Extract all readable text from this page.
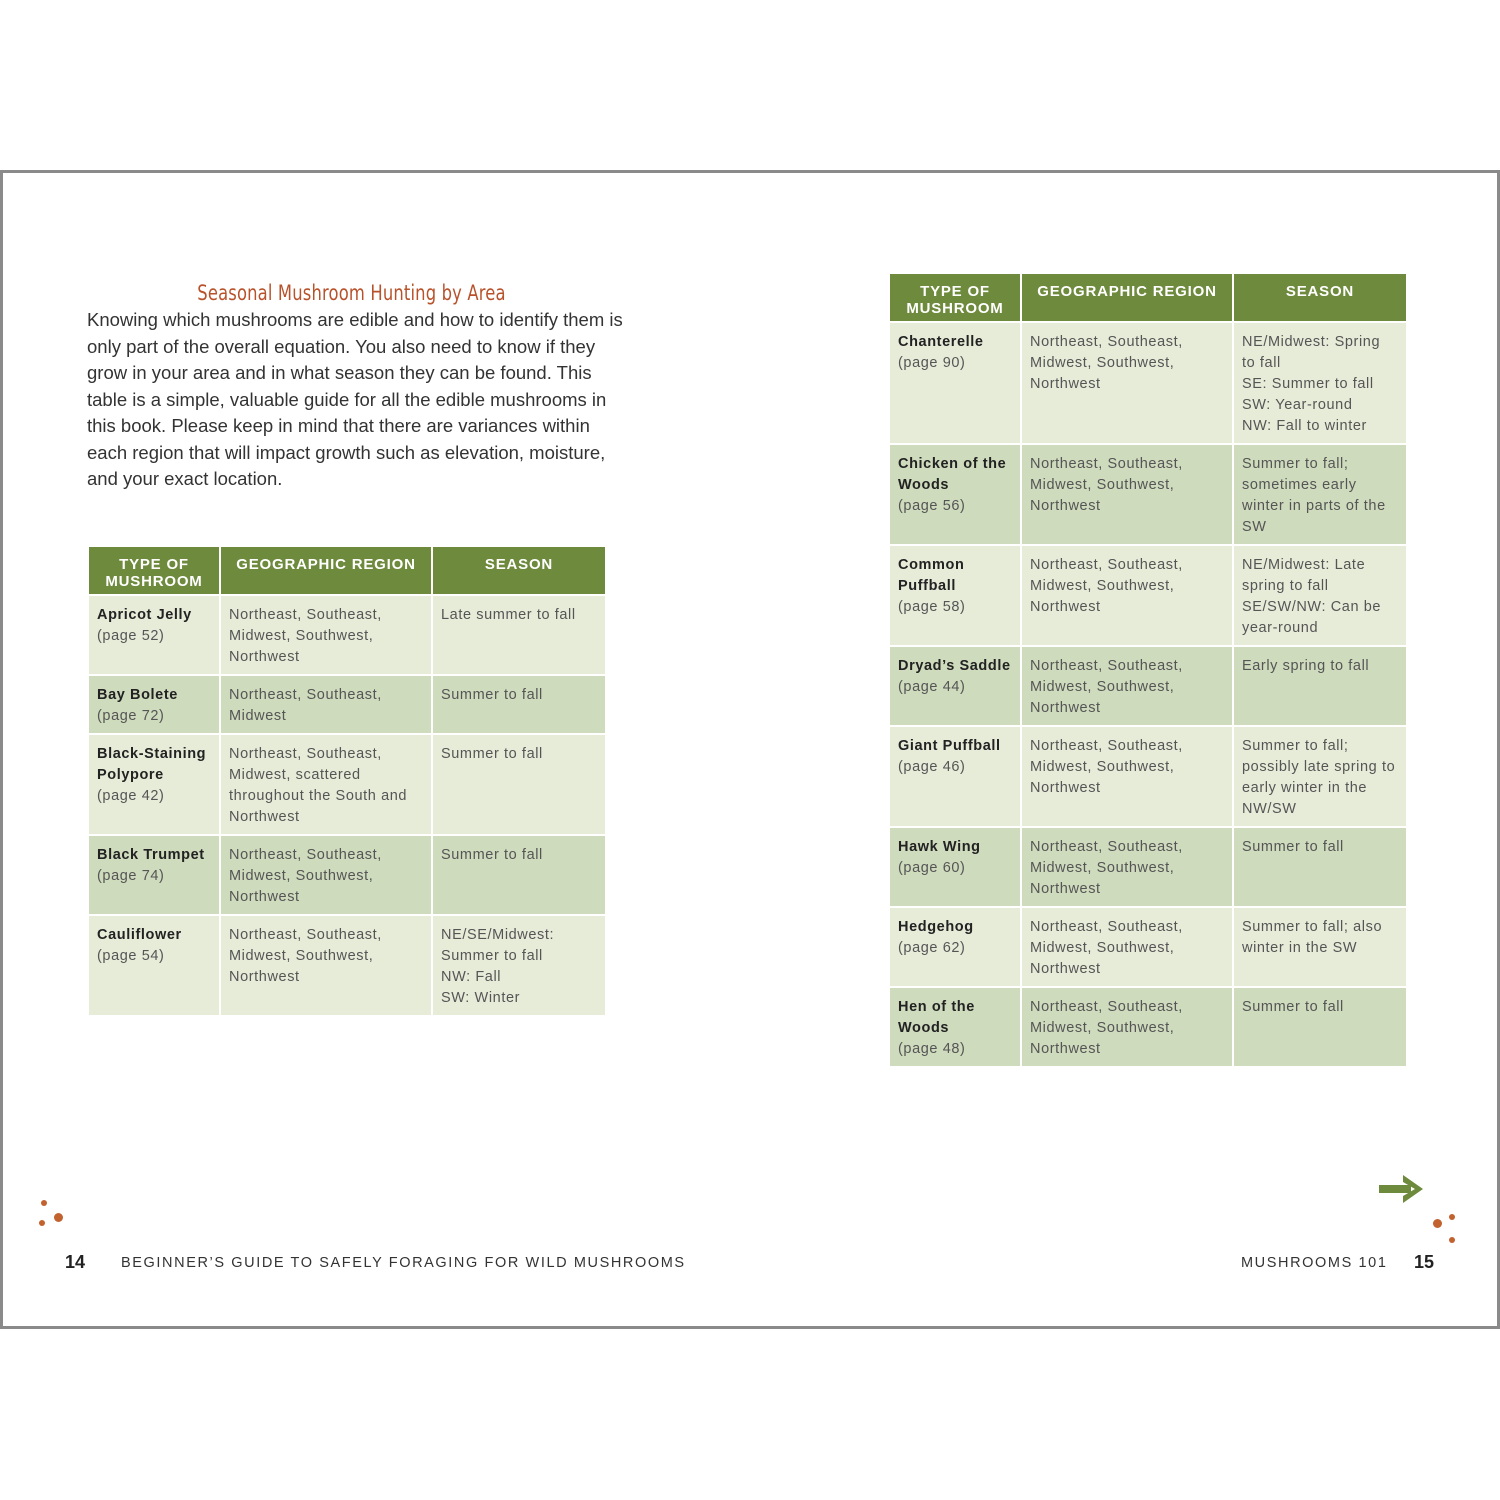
Seasonal Mushroom Hunting by Area

Knowing which mushrooms are edible and how to identify them is only part of the overall equation. You also need to know if they grow in your area and in what season they can be found. This table is a simple, valuable guide for all the edible mushrooms in this book. Please keep in mind that there are variances within each region that will impact growth such as elevation, moisture, and your exact location.

TYPE OF MUSHROOM	GEOGRAPHIC REGION	SEASON

Apricot Jelly
(page 52)	Northeast, Southeast, Midwest, Southwest, Northwest	Late summer to fall

Bay Bolete
(page 72)	Northeast, Southeast, Midwest	Summer to fall

Black-Staining Polypore
(page 42)	Northeast, Southeast, Midwest, scattered throughout the South and Northwest	Summer to fall

Black Trumpet
(page 74)	Northeast, Southeast, Midwest, Southwest, Northwest	Summer to fall

Cauliflower
(page 54)	Northeast, Southeast, Midwest, Southwest, Northwest	NE/SE/Midwest: Summer to fall
NW: Fall
SW: Winter
TYPE OF MUSHROOM	GEOGRAPHIC REGION	SEASON

Chanterelle
(page 90)	Northeast, Southeast, Midwest, Southwest, Northwest	NE/Midwest: Spring to fall
SE: Summer to fall
SW: Year-round
NW: Fall to winter

Chicken of the Woods
(page 56)	Northeast, Southeast, Midwest, Southwest, Northwest	Summer to fall; sometimes early winter in parts of the SW

Common Puffball
(page 58)	Northeast, Southeast, Midwest, Southwest, Northwest	NE/Midwest: Late spring to fall
SE/SW/NW: Can be year-round

Dryad’s Saddle
(page 44)	Northeast, Southeast, Midwest, Southwest, Northwest	Early spring to fall

Giant Puffball
(page 46)	Northeast, Southeast, Midwest, Southwest, Northwest	Summer to fall; possibly late spring to early winter in the NW/SW

Hawk Wing
(page 60)	Northeast, Southeast, Midwest, Southwest, Northwest	Summer to fall

Hedgehog
(page 62)	Northeast, Southeast, Midwest, Southwest, Northwest	Summer to fall; also winter in the SW

Hen of the Woods
(page 48)	Northeast, Southeast, Midwest, Southwest, Northwest	Summer to fall
14 BEGINNER’S GUIDE TO SAFELY FORAGING FOR WILD MUSHROOMS	MUSHROOMS 101 15
